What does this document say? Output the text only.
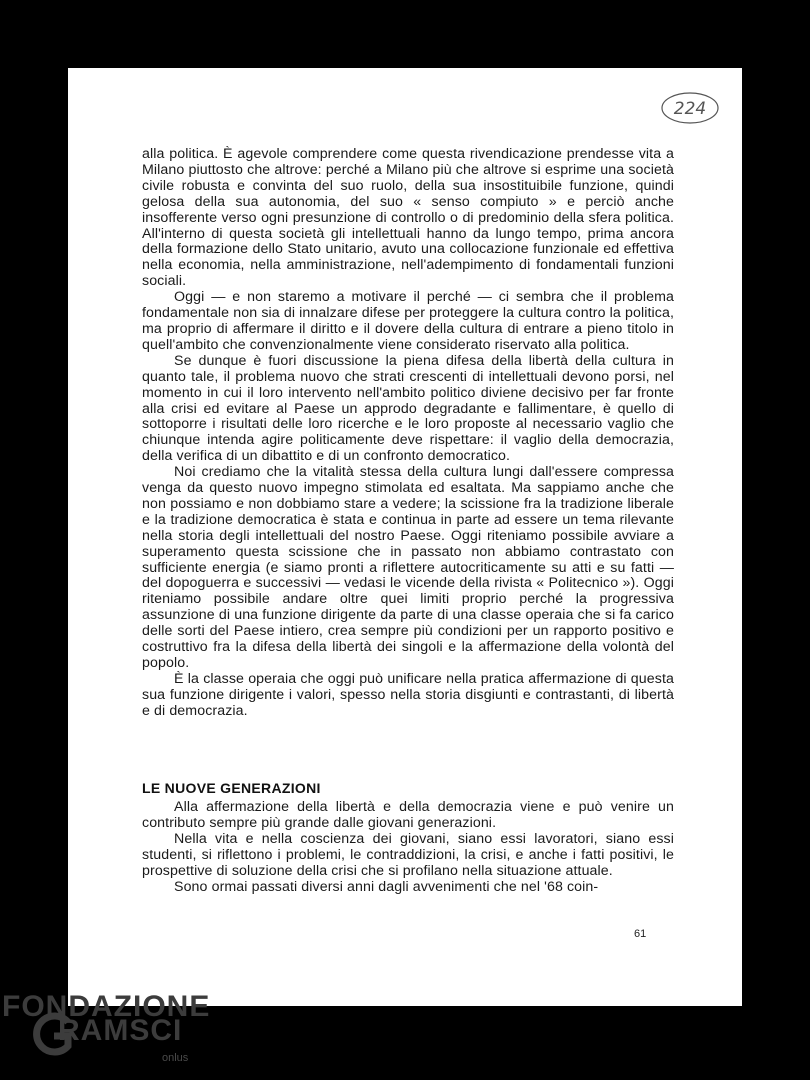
224

alla politica. È agevole comprendere come questa rivendicazione prendesse vita a Milano piuttosto che altrove: perché a Milano più che altrove si esprime una società civile robusta e convinta del suo ruolo, della sua insostituibile funzione, quindi gelosa della sua autonomia, del suo « senso compiuto » e perciò anche insofferente verso ogni presunzione di controllo o di predominio della sfera politica. All'interno di questa società gli intellettuali hanno da lungo tempo, prima ancora della formazione dello Stato unitario, avuto una collocazione funzionale ed effettiva nella economia, nella amministrazione, nell'adempimento di fondamentali funzioni sociali.

Oggi — e non staremo a motivare il perché — ci sembra che il problema fondamentale non sia di innalzare difese per proteggere la cultura contro la politica, ma proprio di affermare il diritto e il dovere della cultura di entrare a pieno titolo in quell'ambito che convenzionalmente viene considerato riservato alla politica.

Se dunque è fuori discussione la piena difesa della libertà della cultura in quanto tale, il problema nuovo che strati crescenti di intellettuali devono porsi, nel momento in cui il loro intervento nell'ambito politico diviene decisivo per far fronte alla crisi ed evitare al Paese un approdo degradante e fallimentare, è quello di sottoporre i risultati delle loro ricerche e le loro proposte al necessario vaglio che chiunque intenda agire politicamente deve rispettare: il vaglio della democrazia, della verifica di un dibattito e di un confronto democratico.

Noi crediamo che la vitalità stessa della cultura lungi dall'essere compressa venga da questo nuovo impegno stimolata ed esaltata. Ma sappiamo anche che non possiamo e non dobbiamo stare a vedere; la scissione fra la tradizione liberale e la tradizione democratica è stata e continua in parte ad essere un tema rilevante nella storia degli intellettuali del nostro Paese. Oggi riteniamo possibile avviare a superamento questa scissione che in passato non abbiamo contrastato con sufficiente energia (e siamo pronti a riflettere autocriticamente su atti e su fatti — del dopoguerra e successivi — vedasi le vicende della rivista « Politecnico »). Oggi riteniamo possibile andare oltre quei limiti proprio perché la progressiva assunzione di una funzione dirigente da parte di una classe operaia che si fa carico delle sorti del Paese intiero, crea sempre più condizioni per un rapporto positivo e costruttivo fra la difesa della libertà dei singoli e la affermazione della volontà del popolo.

È la classe operaia che oggi può unificare nella pratica affermazione di questa sua funzione dirigente i valori, spesso nella storia disgiunti e contrastanti, di libertà e di democrazia.

LE NUOVE GENERAZIONI

Alla affermazione della libertà e della democrazia viene e può venire un contributo sempre più grande dalle giovani generazioni.

Nella vita e nella coscienza dei giovani, siano essi lavoratori, siano essi studenti, si riflettono i problemi, le contraddizioni, la crisi, e anche i fatti positivi, le prospettive di soluzione della crisi che si profilano nella situazione attuale.

Sono ormai passati diversi anni dagli avvenimenti che nel '68 coin-

61
FONDAZIONE
RAMSCI
onlus
